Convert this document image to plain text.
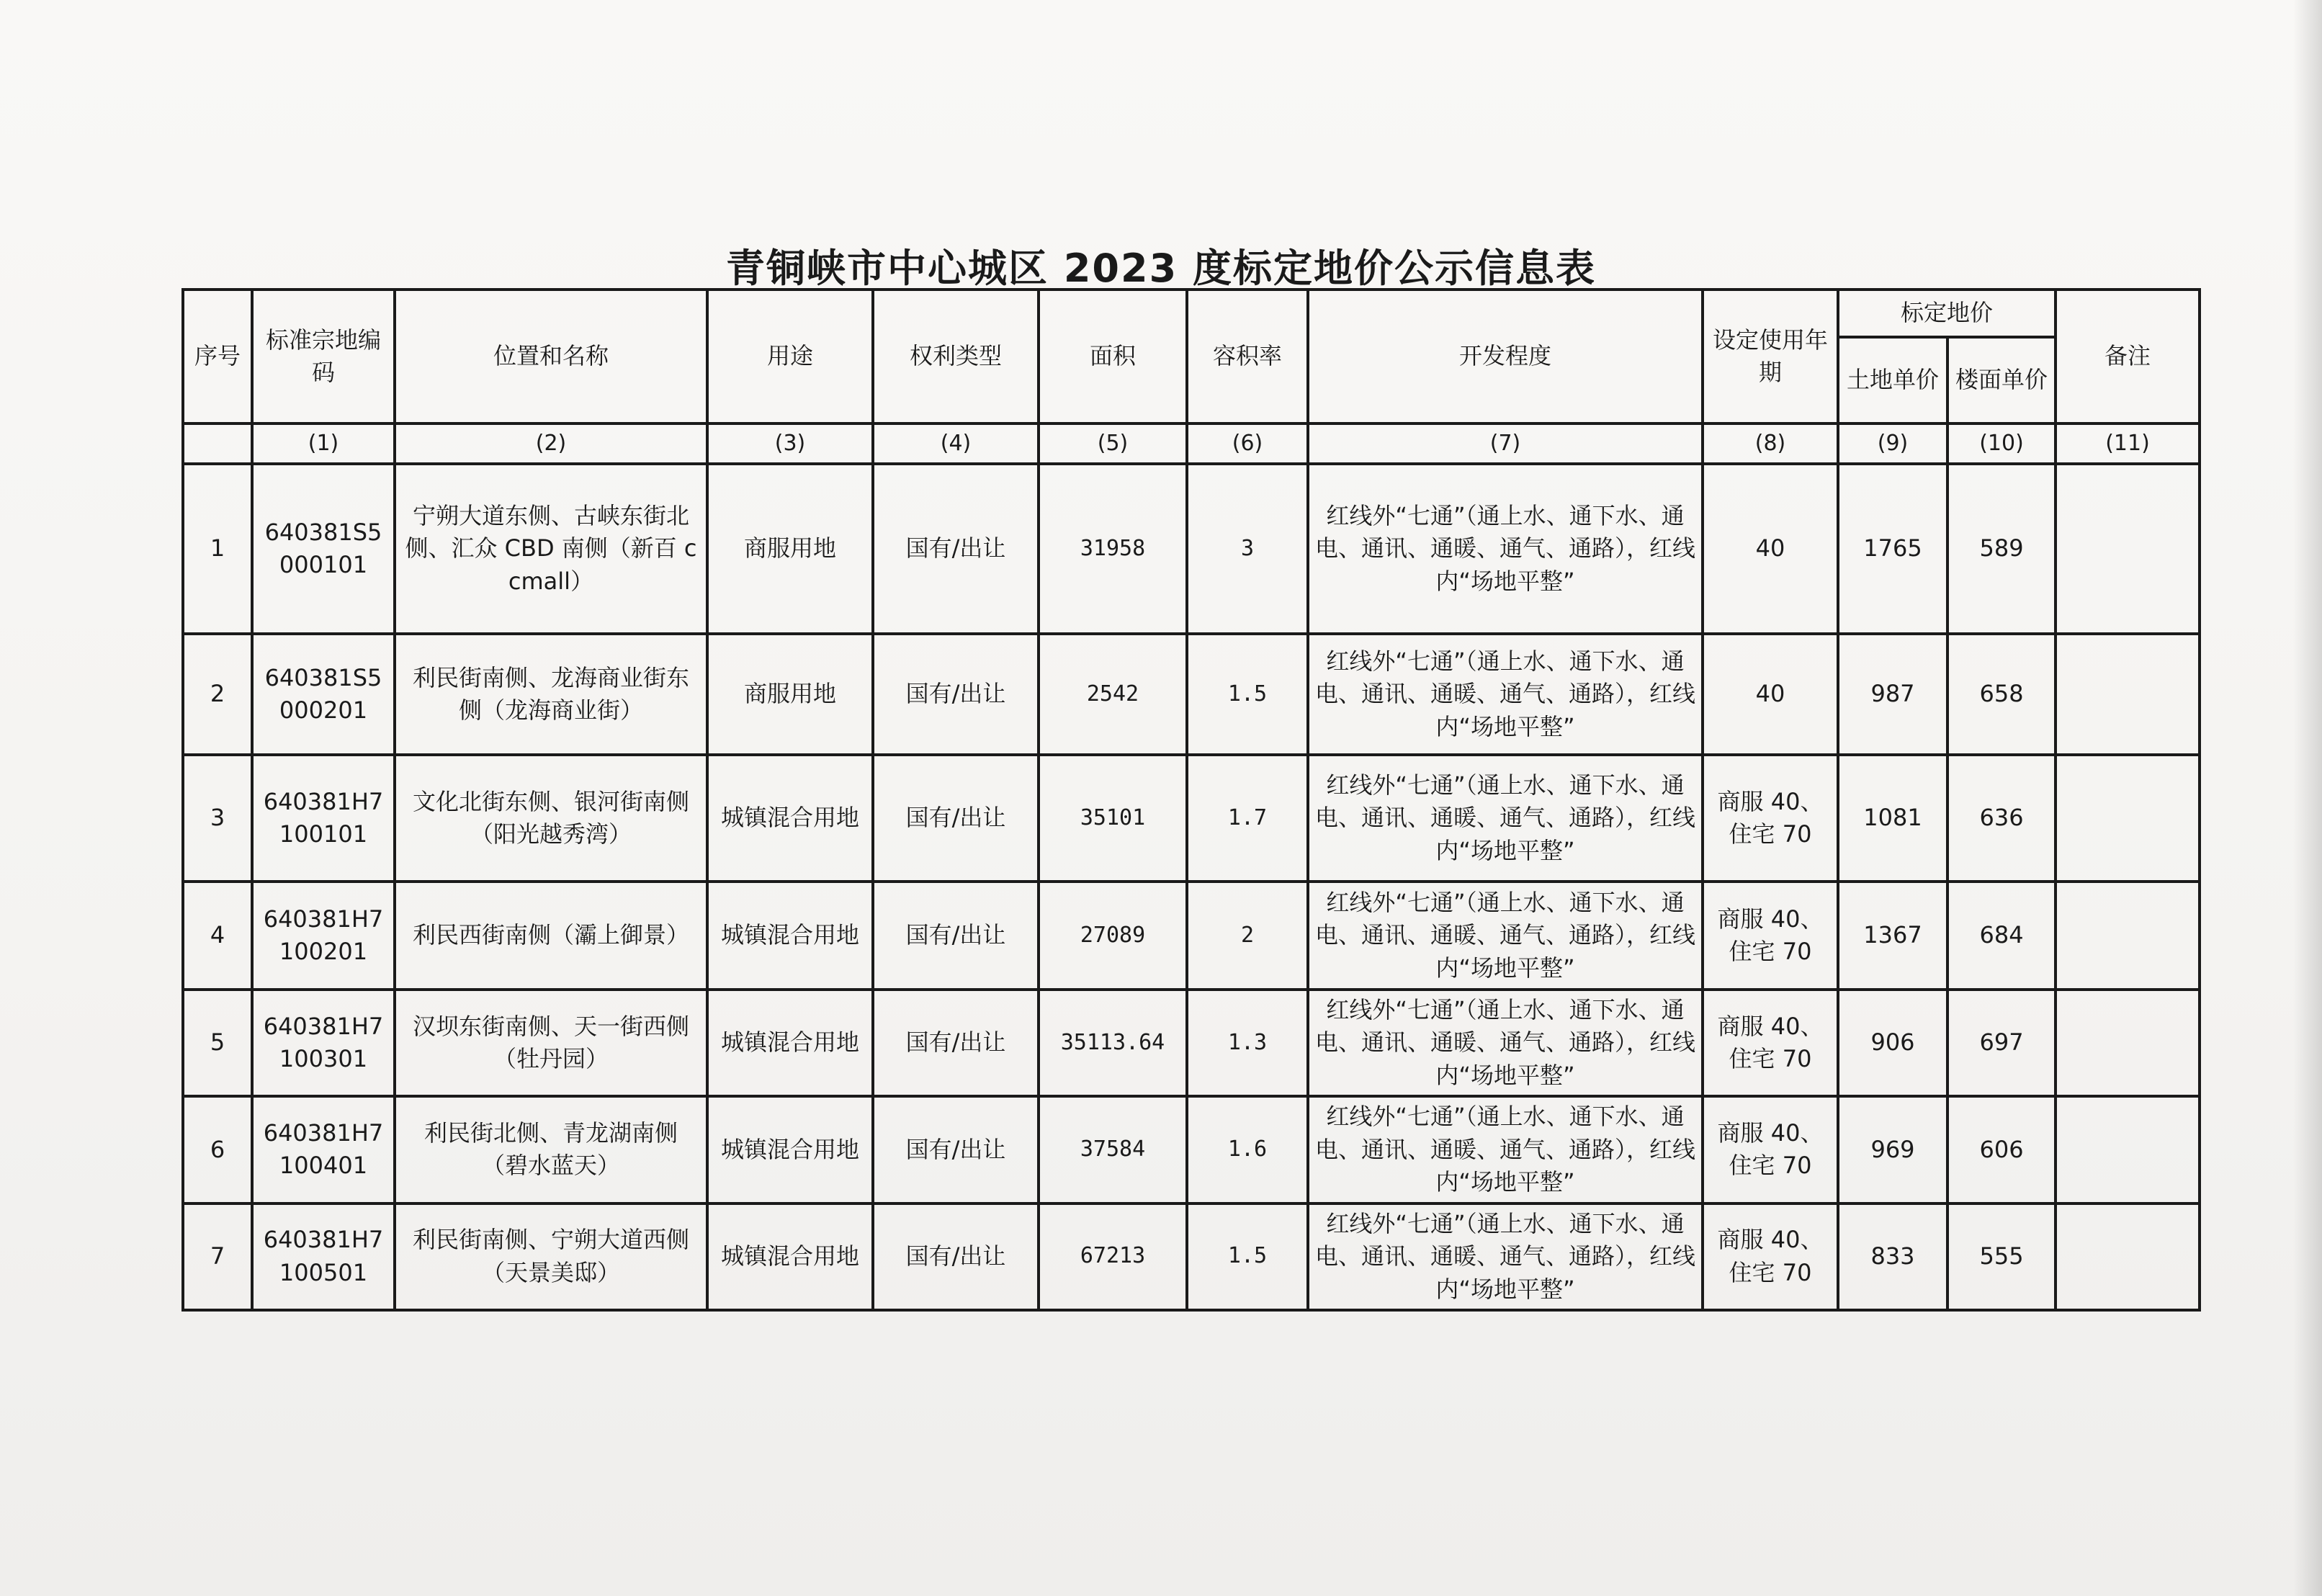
青铜峡市中心城区 2023 度标定地价公示信息表
序号	标准宗地编码	位置和名称	用途	权利类型	面积	容积率	开发程度	设定使用年期	标定地价		备注
									土地单价	楼面单价	
	(1)	(2)	(3)	(4)	(5)	(6)	(7)	(8)	(9)	(10)	(11)
1	640381S5000101	宁朔大道东侧、古峡东街北侧、汇众 CBD 南侧（新百 ccmall）	商服用地	国有/出让	31958	3	红线外“七通”（通上水、通下水、通电、通讯、通暖、通气、通路），红线内“场地平整”	40	1765	589	
2	640381S5000201	利民街南侧、龙海商业街东侧（龙海商业街）	商服用地	国有/出让	2542	1.5	红线外“七通”（通上水、通下水、通电、通讯、通暖、通气、通路），红线内“场地平整”	40	987	658	
3	640381H7100101	文化北街东侧、银河街南侧（阳光越秀湾）	城镇混合用地	国有/出让	35101	1.7	红线外“七通”（通上水、通下水、通电、通讯、通暖、通气、通路），红线内“场地平整”	商服 40、住宅 70	1081	636	
4	640381H7100201	利民西街南侧（灞上御景）	城镇混合用地	国有/出让	27089	2	红线外“七通”（通上水、通下水、通电、通讯、通暖、通气、通路），红线内“场地平整”	商服 40、住宅 70	1367	684	
5	640381H7100301	汉坝东街南侧、天一街西侧（牡丹园）	城镇混合用地	国有/出让	35113.64	1.3	红线外“七通”（通上水、通下水、通电、通讯、通暖、通气、通路），红线内“场地平整”	商服 40、住宅 70	906	697	
6	640381H7100401	利民街北侧、青龙湖南侧（碧水蓝天）	城镇混合用地	国有/出让	37584	1.6	红线外“七通”（通上水、通下水、通电、通讯、通暖、通气、通路），红线内“场地平整”	商服 40、住宅 70	969	606	
7	640381H7100501	利民街南侧、宁朔大道西侧（天景美邸）	城镇混合用地	国有/出让	67213	1.5	红线外“七通”（通上水、通下水、通电、通讯、通暖、通气、通路），红线内“场地平整”	商服 40、住宅 70	833	555	
